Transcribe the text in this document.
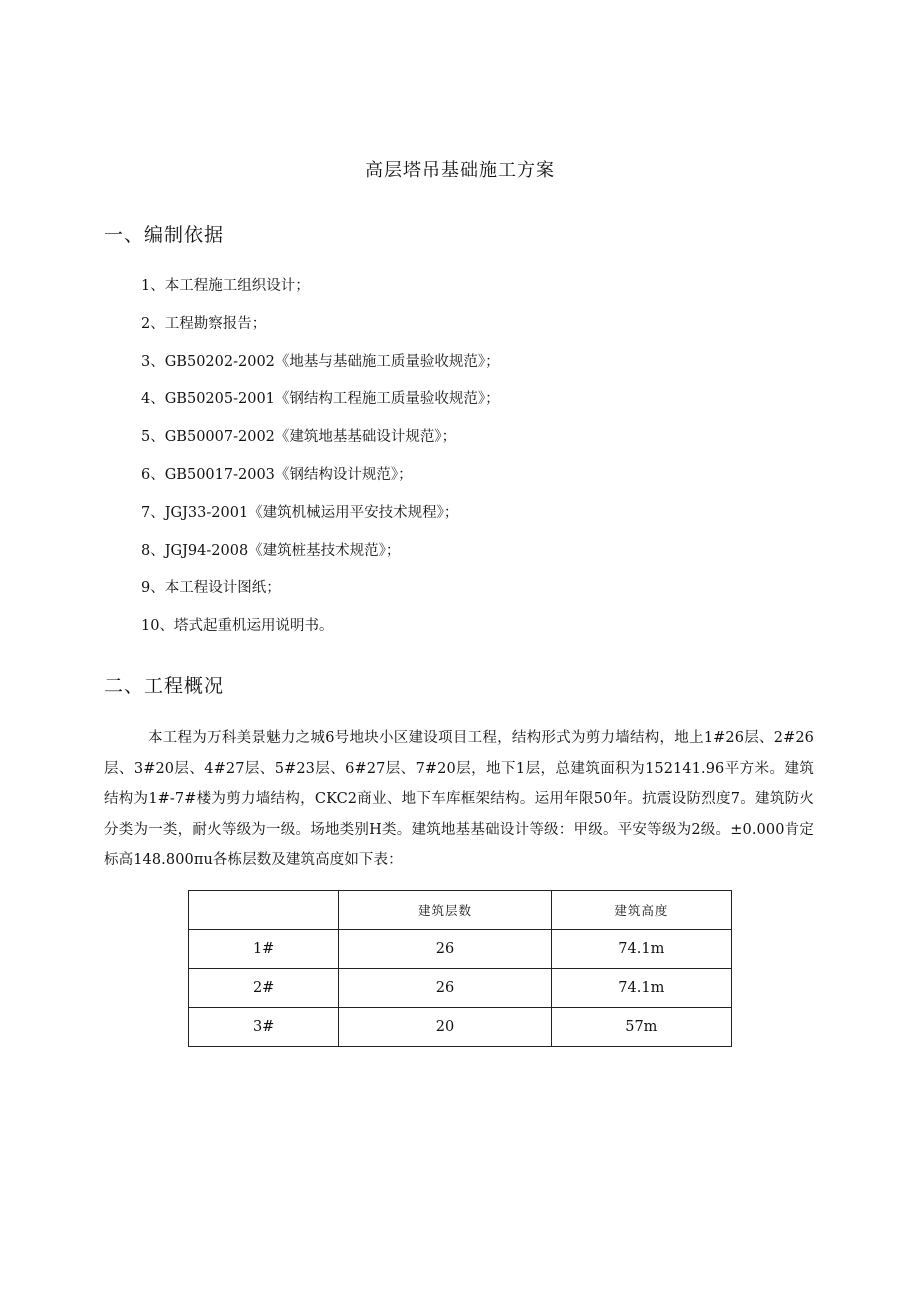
高层塔吊基础施工方案
一、编制依据
1、本工程施工组织设计；
2、工程勘察报告；
3、GB50202-2002《地基与基础施工质量验收规范》；
4、GB50205-2001《钢结构工程施工质量验收规范》；
5、GB50007-2002《建筑地基基础设计规范》；
6、GB50017-2003《钢结构设计规范》；
7、JGJ33-2001《建筑机械运用平安技术规程》；
8、JGJ94-2008《建筑桩基技术规范》；
9、本工程设计图纸；
10、塔式起重机运用说明书。
二、工程概况

本工程为万科美景魅力之城6号地块小区建设项目工程，结构形式为剪力墙结构，地上1#26层、2#26层、3#20层、4#27层、5#23层、6#27层、7#20层，地下1层，总建筑面积为152141.96平方米。建筑结构为1#-7#楼为剪力墙结构，CKC2商业、地下车库框架结构。运用年限50年。抗震设防烈度7。建筑防火分类为一类，耐火等级为一级。场地类别H类。建筑地基基础设计等级：甲级。平安等级为2级。±0.000肯定标高148.800πu各栋层数及建筑高度如下表：

	建筑层数	建筑高度
1#	26	74.1m
2#	26	74.1m
3#	20	57m
